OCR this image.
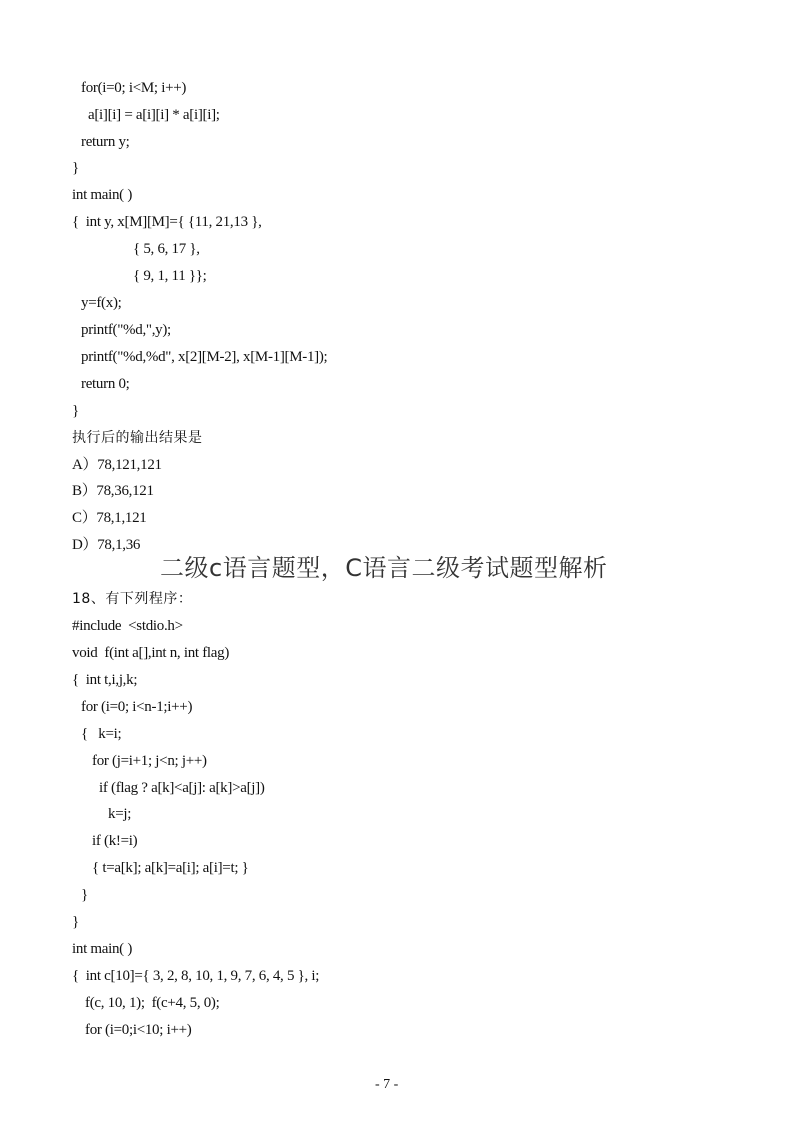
for(i=0; i<M; i++)
a[i][i] = a[i][i] * a[i][i];
return y;
}
int main( )
{  int y, x[M][M]={ {11, 21,13 },
{ 5, 6, 17 },
{ 9, 1, 11 }};
y=f(x);
printf("%d,",y);
printf("%d,%d", x[2][M-2], x[M-1][M-1]);
return 0;
}
执行后的输出结果是
A）78,121,121
B）78,36,121
C）78,1,121
D）78,1,36
二级c语言题型，C语言二级考试题型解析
18、有下列程序：
#include  <stdio.h>
void  f(int a[],int n, int flag)
{  int t,i,j,k;
for (i=0; i<n-1;i++)
{   k=i;
for (j=i+1; j<n; j++)
if (flag ? a[k]<a[j]: a[k]>a[j])
k=j;
if (k!=i)
{ t=a[k]; a[k]=a[i]; a[i]=t; }
}
}
int main( )
{  int c[10]={ 3, 2, 8, 10, 1, 9, 7, 6, 4, 5 }, i;
f(c, 10, 1);  f(c+4, 5, 0);
for (i=0;i<10; i++)
- 7 -
